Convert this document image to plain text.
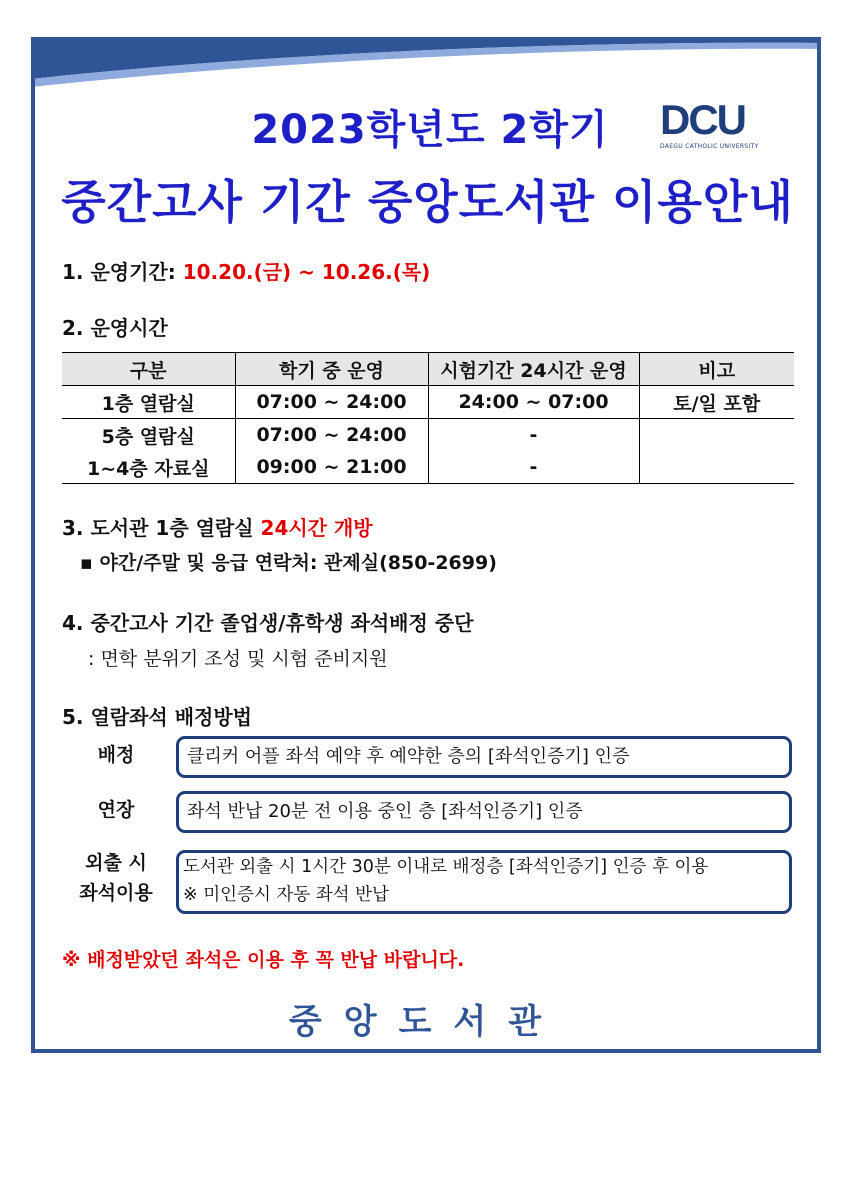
2023학년도 2학기	DCU
DAEGU CATHOLIC UNIVERSITY
중간고사 기간 중앙도서관 이용안내
1. 운영기간: 10.20.(금) ~ 10.26.(목)
2. 운영시간
구분	학기 중 운영	시험기간 24시간 운영	비고
1층 열람실	07:00 ~ 24:00	24:00 ~ 07:00	토/일 포함
5층 열람실	07:00 ~ 24:00	-	
1~4층 자료실	09:00 ~ 21:00	-	
3. 도서관 1층 열람실 24시간 개방
▪ 야간/주말 및 응급 연락처: 관제실(850-2699)
4. 중간고사 기간 졸업생/휴학생 좌석배정 중단
: 면학 분위기 조성 및 시험 준비지원
5. 열람좌석 배정방법
배정	클리커 어플 좌석 예약 후 예약한 층의 [좌석인증기] 인증
연장	좌석 반납 20분 전 이용 중인 층 [좌석인증기] 인증
외출 시
좌석이용
도서관 외출 시 1시간 30분 이내로 배정층 [좌석인증기] 인증 후 이용
※ 미인증시 자동 좌석 반납
※ 배정받았던 좌석은 이용 후 꼭 반납 바랍니다.
중앙도서관
